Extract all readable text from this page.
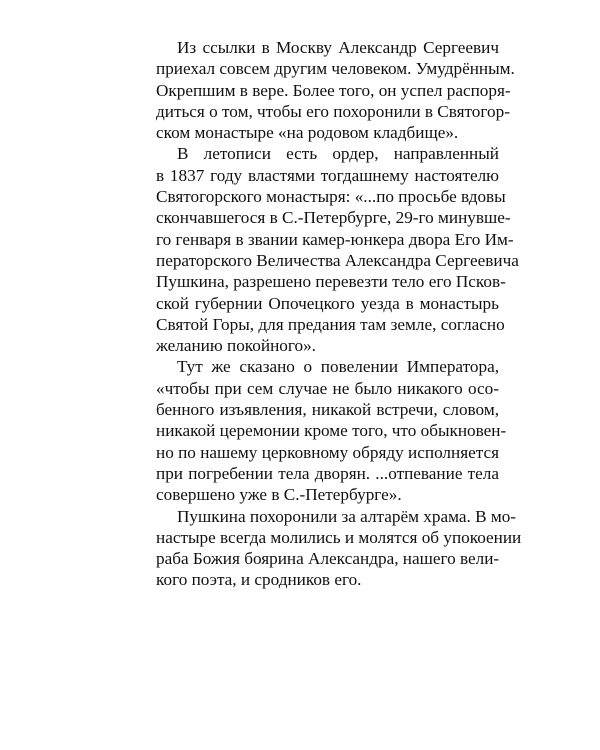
Из ссылки в Москву Александр Сергеевич
приехал совсем другим человеком. Умудрённым.
Окрепшим в вере. Более того, он успел распоря-
диться о том, чтобы его похоронили в Святогор-
ском монастыре «на родовом кладбище».
В летописи есть ордер, направленный
в 1837 году властями тогдашнему настоятелю
Святогорского монастыря: «...по просьбе вдовы
скончавшегося в С.-Петербурге, 29-го минувше-
го генваря в звании камер-юнкера двора Его Им-
ператорского Величества Александра Сергеевича
Пушкина, разрешено перевезти тело его Псков-
ской губернии Опочецкого уезда в монастырь
Святой Горы, для предания там земле, согласно
желанию покойного».
Тут же сказано о повелении Императора,
«чтобы при сем случае не было никакого осо-
бенного изъявления, никакой встречи, словом,
никакой церемонии кроме того, что обыкновен-
но по нашему церковному обряду исполняется
при погребении тела дворян. ...отпевание тела
совершено уже в С.-Петербурге».
Пушкина похоронили за алтарём храма. В мо-
настыре всегда молились и молятся об упокоении
раба Божия боярина Александра, нашего вели-
кого поэта, и сродников его.
